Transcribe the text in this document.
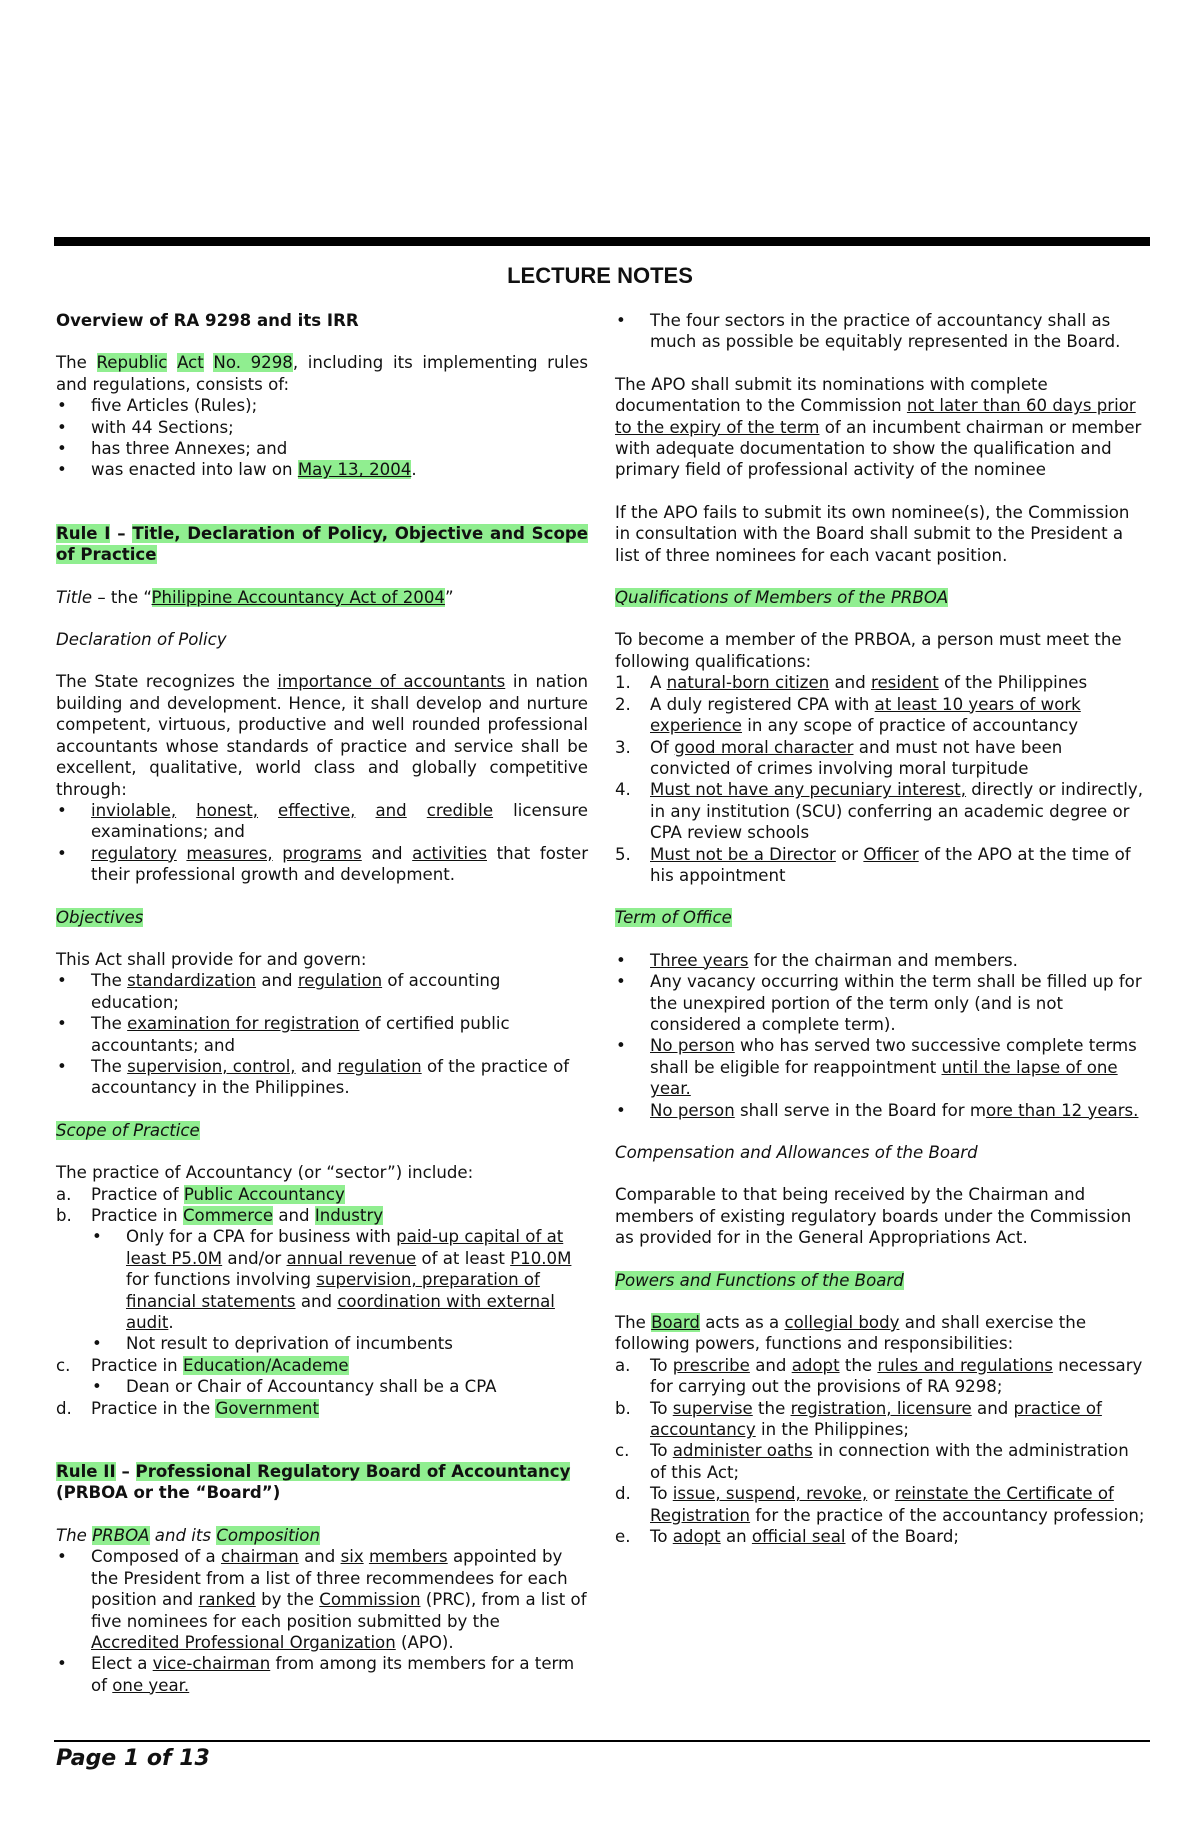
LECTURE NOTES

Overview of RA 9298 and its IRR

The Republic Act No. 9298, including its implementing rules and regulations, consists of:

• five Articles (Rules);
• with 44 Sections;
• has three Annexes; and
• was enacted into law on May 13, 2004.

Rule I – Title, Declaration of Policy, Objective and Scope of Practice

Title – the “Philippine Accountancy Act of 2004”

Declaration of Policy

The State recognizes the importance of accountants in nation building and development. Hence, it shall develop and nurture competent, virtuous, productive and well rounded professional accountants whose standards of practice and service shall be excellent, qualitative, world class and globally competitive through:

• inviolable, honest, effective, and credible licensure examinations; and
• regulatory measures, programs and activities that foster their professional growth and development.

Objectives

This Act shall provide for and govern:

• The standardization and regulation of accounting education;
• The examination for registration of certified public accountants; and
• The supervision, control, and regulation of the practice of accountancy in the Philippines.

Scope of Practice

The practice of Accountancy (or “sector”) include:

a. Practice of Public Accountancy
b. Practice in Commerce and Industry
• Only for a CPA for business with paid-up capital of at least P5.0M and/or annual revenue of at least P10.0M for functions involving supervision, preparation of financial statements and coordination with external audit.
• Not result to deprivation of incumbents
c. Practice in Education/Academe
• Dean or Chair of Accountancy shall be a CPA
d. Practice in the Government

Rule II – Professional Regulatory Board of Accountancy (PRBOA or the “Board”)

The PRBOA and its Composition

• Composed of a chairman and six members appointed by the President from a list of three recommendees for each position and ranked by the Commission (PRC), from a list of five nominees for each position submitted by the Accredited Professional Organization (APO).
• Elect a vice-chairman from among its members for a term of one year.
• The four sectors in the practice of accountancy shall as much as possible be equitably represented in the Board.

The APO shall submit its nominations with complete documentation to the Commission not later than 60 days prior to the expiry of the term of an incumbent chairman or member with adequate documentation to show the qualification and primary field of professional activity of the nominee

If the APO fails to submit its own nominee(s), the Commission in consultation with the Board shall submit to the President a list of three nominees for each vacant position.

Qualifications of Members of the PRBOA

To become a member of the PRBOA, a person must meet the following qualifications:

1. A natural-born citizen and resident of the Philippines
2. A duly registered CPA with at least 10 years of work experience in any scope of practice of accountancy
3. Of good moral character and must not have been convicted of crimes involving moral turpitude
4. Must not have any pecuniary interest, directly or indirectly, in any institution (SCU) conferring an academic degree or CPA review schools
5. Must not be a Director or Officer of the APO at the time of his appointment

Term of Office

• Three years for the chairman and members.
• Any vacancy occurring within the term shall be filled up for the unexpired portion of the term only (and is not considered a complete term).
• No person who has served two successive complete terms shall be eligible for reappointment until the lapse of one year.
• No person shall serve in the Board for more than 12 years.

Compensation and Allowances of the Board

Comparable to that being received by the Chairman and members of existing regulatory boards under the Commission as provided for in the General Appropriations Act.

Powers and Functions of the Board

The Board acts as a collegial body and shall exercise the following powers, functions and responsibilities:

a. To prescribe and adopt the rules and regulations necessary for carrying out the provisions of RA 9298;
b. To supervise the registration, licensure and practice of accountancy in the Philippines;
c. To administer oaths in connection with the administration of this Act;
d. To issue, suspend, revoke, or reinstate the Certificate of Registration for the practice of the accountancy profession;
e. To adopt an official seal of the Board;
Page 1 of 13
